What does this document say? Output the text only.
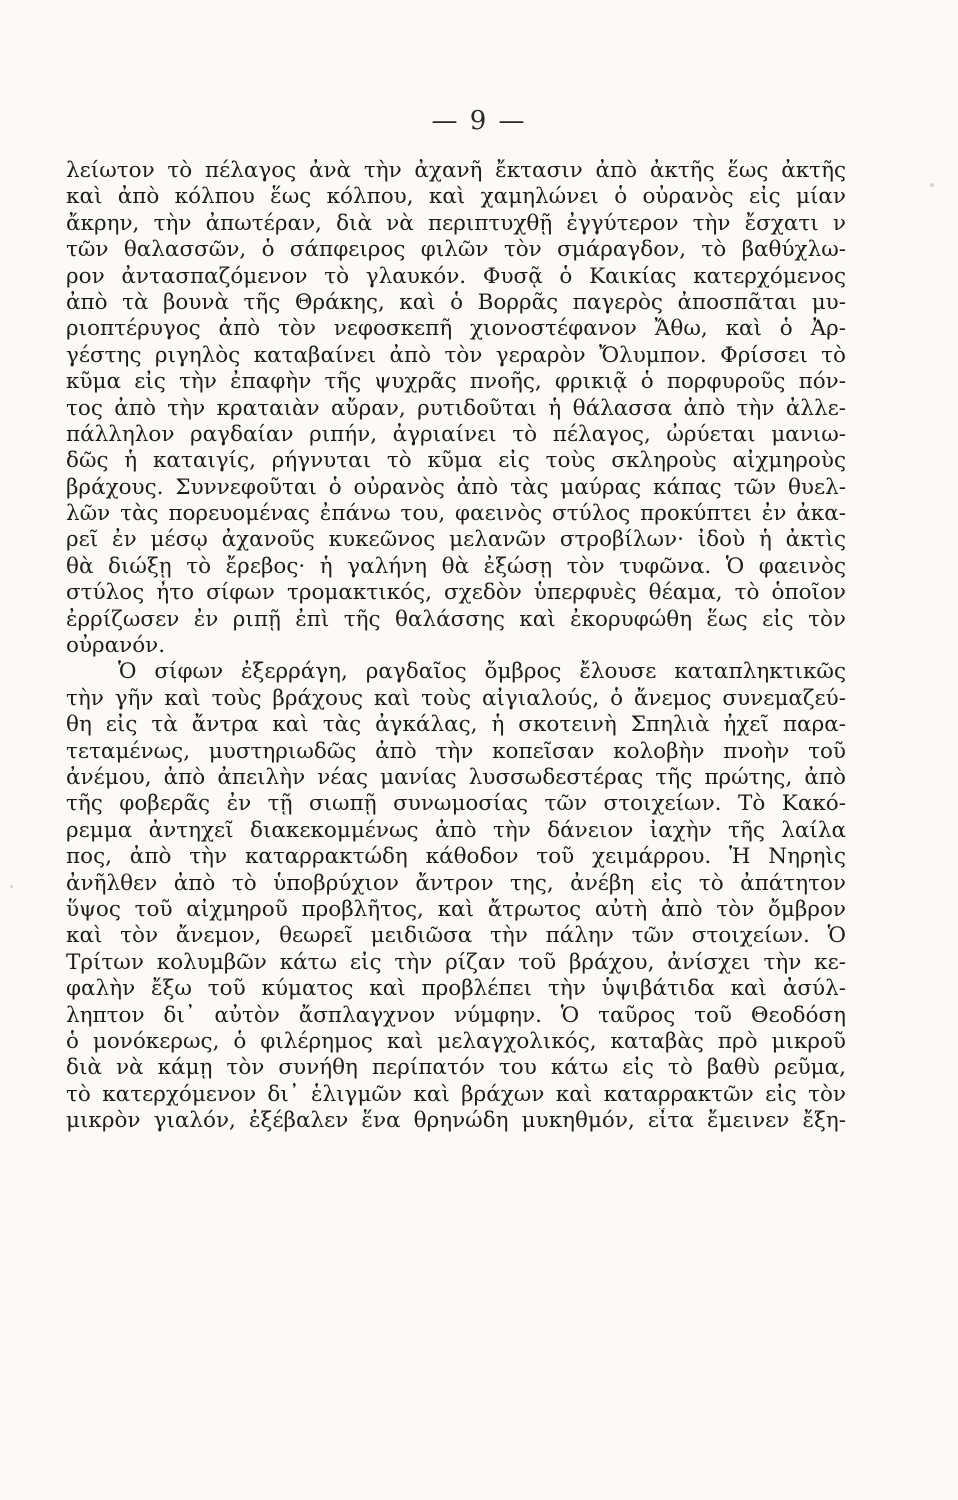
— 9 —
λείωτον τὸ πέλαγος ἀνὰ τὴν ἀχανῆ ἔκτασιν ἀπὸ ἀκτῆς ἕως ἀκτῆς
καὶ ἀπὸ κόλπου ἕως κόλπου, καὶ χαμηλώνει ὁ οὐρανὸς εἰς μίαν
ἄκρην, τὴν ἀπωτέραν, διὰ νὰ περιπτυχθῇ ἐγγύτερον τὴν ἔσχατι ν
τῶν θαλασσῶν, ὁ σάπφειρος φιλῶν τὸν σμάραγδον, τὸ βαθύχλω-
ρον ἀντασπαζόμενον τὸ γλαυκόν. Φυσᾷ ὁ Καικίας κατερχόμενος
ἀπὸ τὰ βουνὰ τῆς Θράκης, καὶ ὁ Βορρᾶς παγερὸς ἀποσπᾶται μυ-
ριοπτέρυγος ἀπὸ τὸν νεφοσκεπῆ χιονοστέφανον Ἄθω, καὶ ὁ Ἀρ-
γέστης ριγηλὸς καταβαίνει ἀπὸ τὸν γεραρὸν Ὄλυμπον. Φρίσσει τὸ
κῦμα εἰς τὴν ἐπαφὴν τῆς ψυχρᾶς πνοῆς, φρικιᾷ ὁ πορφυροῦς πόν-
τος ἀπὸ τὴν κραταιὰν αὔραν, ρυτιδοῦται ἡ θάλασσα ἀπὸ τὴν ἀλλε-
πάλληλον ραγδαίαν ριπήν, ἀγριαίνει τὸ πέλαγος, ὠρύεται μανιω-
δῶς ἡ καταιγίς, ρήγνυται τὸ κῦμα εἰς τοὺς σκληροὺς αἰχμηροὺς
βράχους. Συννεφοῦται ὁ οὐρανὸς ἀπὸ τὰς μαύρας κάπας τῶν θυελ-
λῶν τὰς πορευομένας ἐπάνω του, φαεινὸς στύλος προκύπτει ἐν ἀκα-
ρεῖ ἐν μέσῳ ἀχανοῦς κυκεῶνος μελανῶν στροβίλων· ἰδοὺ ἡ ἀκτὶς
θὰ διώξῃ τὸ ἔρεβος· ἡ γαλήνη θὰ ἐξώσῃ τὸν τυφῶνα. Ὁ φαεινὸς
στύλος ἦτο σίφων τρομακτικός, σχεδὸν ὑπερφυὲς θέαμα, τὸ ὁποῖον
ἐρρίζωσεν ἐν ριπῇ ἐπὶ τῆς θαλάσσης καὶ ἐκορυφώθη ἕως εἰς τὸν
οὐρανόν.
Ὁ σίφων ἐξερράγη, ραγδαῖος ὄμβρος ἔλουσε καταπληκτικῶς
τὴν γῆν καὶ τοὺς βράχους καὶ τοὺς αἰγιαλούς, ὁ ἄνεμος συνεμαζεύ-
θη εἰς τὰ ἄντρα καὶ τὰς ἀγκάλας, ἡ σκοτεινὴ Σπηλιὰ ἠχεῖ παρα-
τεταμένως, μυστηριωδῶς ἀπὸ τὴν κοπεῖσαν κολοβὴν πνοὴν τοῦ
ἀνέμου, ἀπὸ ἀπειλὴν νέας μανίας λυσσωδεστέρας τῆς πρώτης, ἀπὸ
τῆς φοβερᾶς ἐν τῇ σιωπῇ συνωμοσίας τῶν στοιχείων. Τὸ Κακό-
ρεμμα ἀντηχεῖ διακεκομμένως ἀπὸ τὴν δάνειον ἰαχὴν τῆς λαίλα
πος, ἀπὸ τὴν καταρρακτώδη κάθοδον τοῦ χειμάρρου. Ἡ Νηρηὶς
ἀνῆλθεν ἀπὸ τὸ ὑποβρύχιον ἄντρον της, ἀνέβη εἰς τὸ ἀπάτητον
ὕψος τοῦ αἰχμηροῦ προβλῆτος, καὶ ἄτρωτος αὐτὴ ἀπὸ τὸν ὄμβρον
καὶ τὸν ἄνεμον, θεωρεῖ μειδιῶσα τὴν πάλην τῶν στοιχείων. Ὁ
Τρίτων κολυμβῶν κάτω εἰς τὴν ρίζαν τοῦ βράχου, ἀνίσχει τὴν κε-
φαλὴν ἔξω τοῦ κύματος καὶ προβλέπει τὴν ὑψιβάτιδα καὶ ἀσύλ-
ληπτον δι᾽ αὐτὸν ἄσπλαγχνον νύμφην. Ὁ ταῦρος τοῦ Θεοδόση
ὁ μονόκερως, ὁ φιλέρημος καὶ μελαγχολικός, καταβὰς πρὸ μικροῦ
διὰ νὰ κάμῃ τὸν συνήθη περίπατόν του κάτω εἰς τὸ βαθὺ ρεῦμα,
τὸ κατερχόμενον δι᾽ ἑλιγμῶν καὶ βράχων καὶ καταρρακτῶν εἰς τὸν
μικρὸν γιαλόν, ἐξέβαλεν ἕνα θρηνώδη μυκηθμόν, εἶτα ἔμεινεν ἔξη-
